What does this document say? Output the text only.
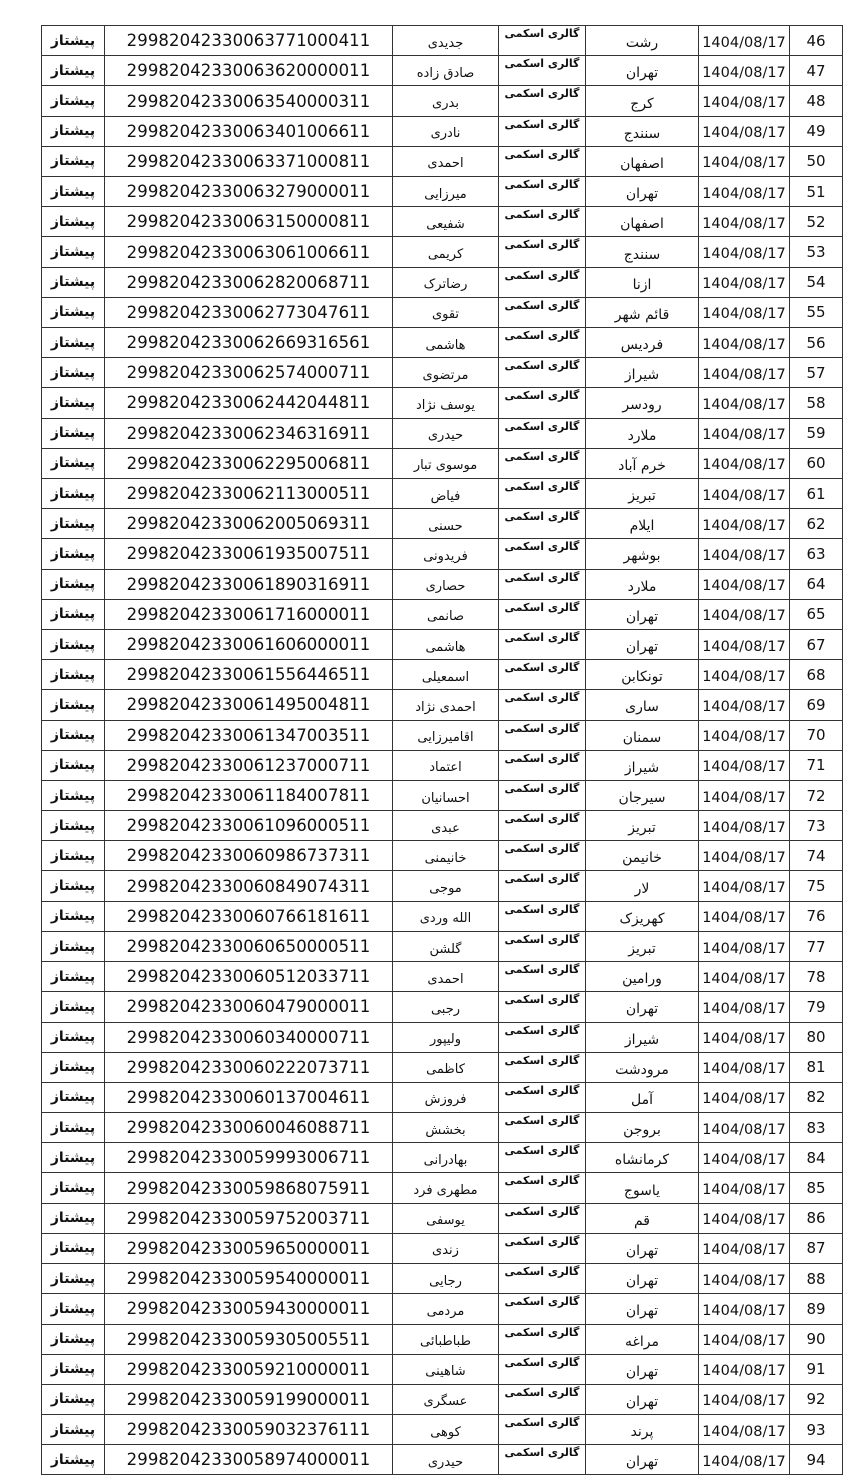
پیشتاز	29982042330063771000411	جدیدی	گالری اسکمی	رشت	1404/08/17	46
پیشتاز	29982042330063620000011	صادق زاده	گالری اسکمی	تهران	1404/08/17	47
پیشتاز	29982042330063540000311	بدری	گالری اسکمی	کرج	1404/08/17	48
پیشتاز	29982042330063401006611	نادری	گالری اسکمی	سنندج	1404/08/17	49
پیشتاز	29982042330063371000811	احمدی	گالری اسکمی	اصفهان	1404/08/17	50
پیشتاز	29982042330063279000011	میرزایی	گالری اسکمی	تهران	1404/08/17	51
پیشتاز	29982042330063150000811	شفیعی	گالری اسکمی	اصفهان	1404/08/17	52
پیشتاز	29982042330063061006611	کریمی	گالری اسکمی	سنندج	1404/08/17	53
پیشتاز	29982042330062820068711	رضاترک	گالری اسکمی	ازنا	1404/08/17	54
پیشتاز	29982042330062773047611	تقوی	گالری اسکمی	قائم شهر	1404/08/17	55
پیشتاز	29982042330062669316561	هاشمی	گالری اسکمی	فردیس	1404/08/17	56
پیشتاز	29982042330062574000711	مرتضوی	گالری اسکمی	شیراز	1404/08/17	57
پیشتاز	29982042330062442044811	یوسف نژاد	گالری اسکمی	رودسر	1404/08/17	58
پیشتاز	29982042330062346316911	حیدری	گالری اسکمی	ملارد	1404/08/17	59
پیشتاز	29982042330062295006811	موسوی تبار	گالری اسکمی	خرم آباد	1404/08/17	60
پیشتاز	29982042330062113000511	فیاض	گالری اسکمی	تبریز	1404/08/17	61
پیشتاز	29982042330062005069311	حسنی	گالری اسکمی	ایلام	1404/08/17	62
پیشتاز	29982042330061935007511	فریدونی	گالری اسکمی	بوشهر	1404/08/17	63
پیشتاز	29982042330061890316911	حصاری	گالری اسکمی	ملارد	1404/08/17	64
پیشتاز	29982042330061716000011	صانمی	گالری اسکمی	تهران	1404/08/17	65
پیشتاز	29982042330061606000011	هاشمی	گالری اسکمی	تهران	1404/08/17	67
پیشتاز	29982042330061556446511	اسمعیلی	گالری اسکمی	تونکابن	1404/08/17	68
پیشتاز	29982042330061495004811	احمدی نژاد	گالری اسکمی	ساری	1404/08/17	69
پیشتاز	29982042330061347003511	اقامیرزایی	گالری اسکمی	سمنان	1404/08/17	70
پیشتاز	29982042330061237000711	اعتماد	گالری اسکمی	شیراز	1404/08/17	71
پیشتاز	29982042330061184007811	احسانیان	گالری اسکمی	سیرجان	1404/08/17	72
پیشتاز	29982042330061096000511	عبدی	گالری اسکمی	تبریز	1404/08/17	73
پیشتاز	29982042330060986737311	خانیمنی	گالری اسکمی	خانیمن	1404/08/17	74
پیشتاز	29982042330060849074311	موجی	گالری اسکمی	لار	1404/08/17	75
پیشتاز	29982042330060766181611	الله وردی	گالری اسکمی	کهریزک	1404/08/17	76
پیشتاز	29982042330060650000511	گلشن	گالری اسکمی	تبریز	1404/08/17	77
پیشتاز	29982042330060512033711	احمدی	گالری اسکمی	ورامین	1404/08/17	78
پیشتاز	29982042330060479000011	رجبی	گالری اسکمی	تهران	1404/08/17	79
پیشتاز	29982042330060340000711	ولیپور	گالری اسکمی	شیراز	1404/08/17	80
پیشتاز	29982042330060222073711	کاظمی	گالری اسکمی	مرودشت	1404/08/17	81
پیشتاز	29982042330060137004611	فروزش	گالری اسکمی	آمل	1404/08/17	82
پیشتاز	29982042330060046088711	بخشش	گالری اسکمی	بروجن	1404/08/17	83
پیشتاز	29982042330059993006711	بهادرانی	گالری اسکمی	کرمانشاه	1404/08/17	84
پیشتاز	29982042330059868075911	مطهری فرد	گالری اسکمی	یاسوج	1404/08/17	85
پیشتاز	29982042330059752003711	یوسفی	گالری اسکمی	قم	1404/08/17	86
پیشتاز	29982042330059650000011	زندی	گالری اسکمی	تهران	1404/08/17	87
پیشتاز	29982042330059540000011	رجایی	گالری اسکمی	تهران	1404/08/17	88
پیشتاز	29982042330059430000011	مردمی	گالری اسکمی	تهران	1404/08/17	89
پیشتاز	29982042330059305005511	طباطبائی	گالری اسکمی	مراغه	1404/08/17	90
پیشتاز	29982042330059210000011	شاهینی	گالری اسکمی	تهران	1404/08/17	91
پیشتاز	29982042330059199000011	عسگری	گالری اسکمی	تهران	1404/08/17	92
پیشتاز	29982042330059032376111	کوهی	گالری اسکمی	پرند	1404/08/17	93
پیشتاز	29982042330058974000011	حیدری	گالری اسکمی	تهران	1404/08/17	94
